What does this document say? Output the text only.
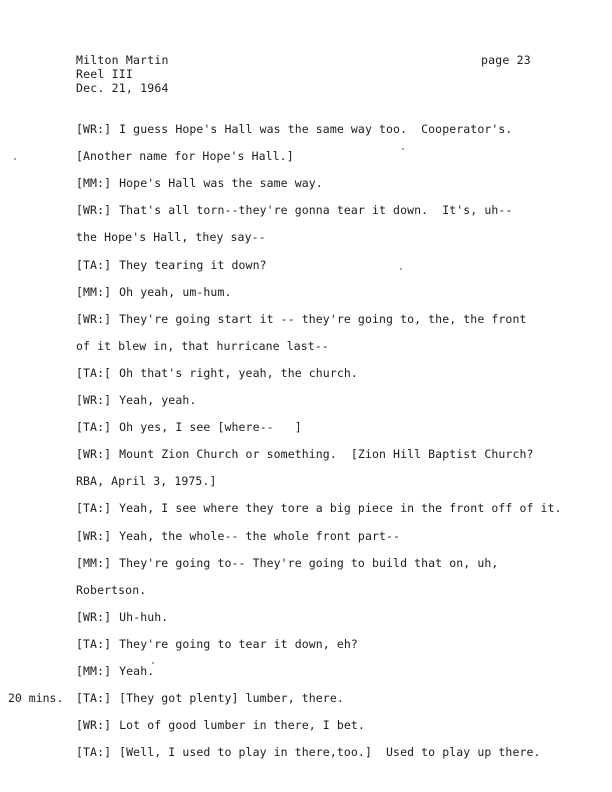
Milton Martin
Reel III
Dec. 21, 1964
page 23
[WR:] I guess Hope's Hall was the same way too.  Cooperator's.
[Another name for Hope's Hall.]
[MM:] Hope's Hall was the same way.
[WR:] That's all torn--they're gonna tear it down.  It's, uh--
the Hope's Hall, they say--
[TA:] They tearing it down?
[MM:] Oh yeah, um-hum.
[WR:] They're going start it -- they're going to, the, the front
of it blew in, that hurricane last--
[TA:[ Oh that's right, yeah, the church.
[WR:] Yeah, yeah.
[TA:] Oh yes, I see [where--   ]
[WR:] Mount Zion Church or something.  [Zion Hill Baptist Church?
RBA, April 3, 1975.]
[TA:] Yeah, I see where they tore a big piece in the front off of it.
[WR:] Yeah, the whole-- the whole front part--
[MM:] They're going to-- They're going to build that on, uh,
Robertson.
[WR:] Uh-huh.
[TA:] They're going to tear it down, eh?
[MM:] Yeah.
[TA:] [They got plenty] lumber, there.
20 mins.
[WR:] Lot of good lumber in there, I bet.
[TA:] [Well, I used to play in there,too.]  Used to play up there.
